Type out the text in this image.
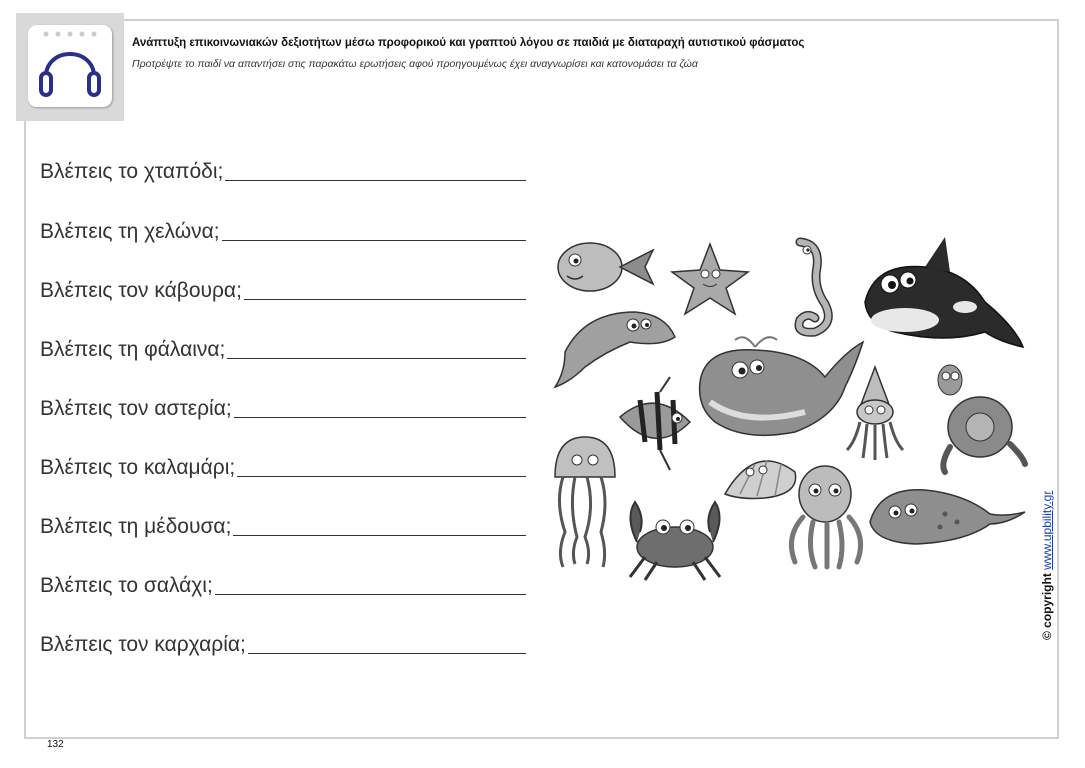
Ανάπτυξη επικοινωνιακών δεξιοτήτων μέσω προφορικού και γραπτού λόγου σε παιδιά με διαταραχή αυτιστικού φάσματος
Προτρέψτε το παιδί να απαντήσει στις παρακάτω ερωτήσεις αφού προηγουμένως έχει αναγνωρίσει και κατονομάσει τα ζώα
Βλέπεις το χταπόδι;
Βλέπεις τη χελώνα;
Βλέπεις τον κάβουρα;
Βλέπεις τη φάλαινα;
Βλέπεις τον αστερία;
Βλέπεις το καλαμάρι;
Βλέπεις τη μέδουσα;
Βλέπεις το σαλάχι;
Βλέπεις τον καρχαρία;
© copyright www.upbility.gr
132
